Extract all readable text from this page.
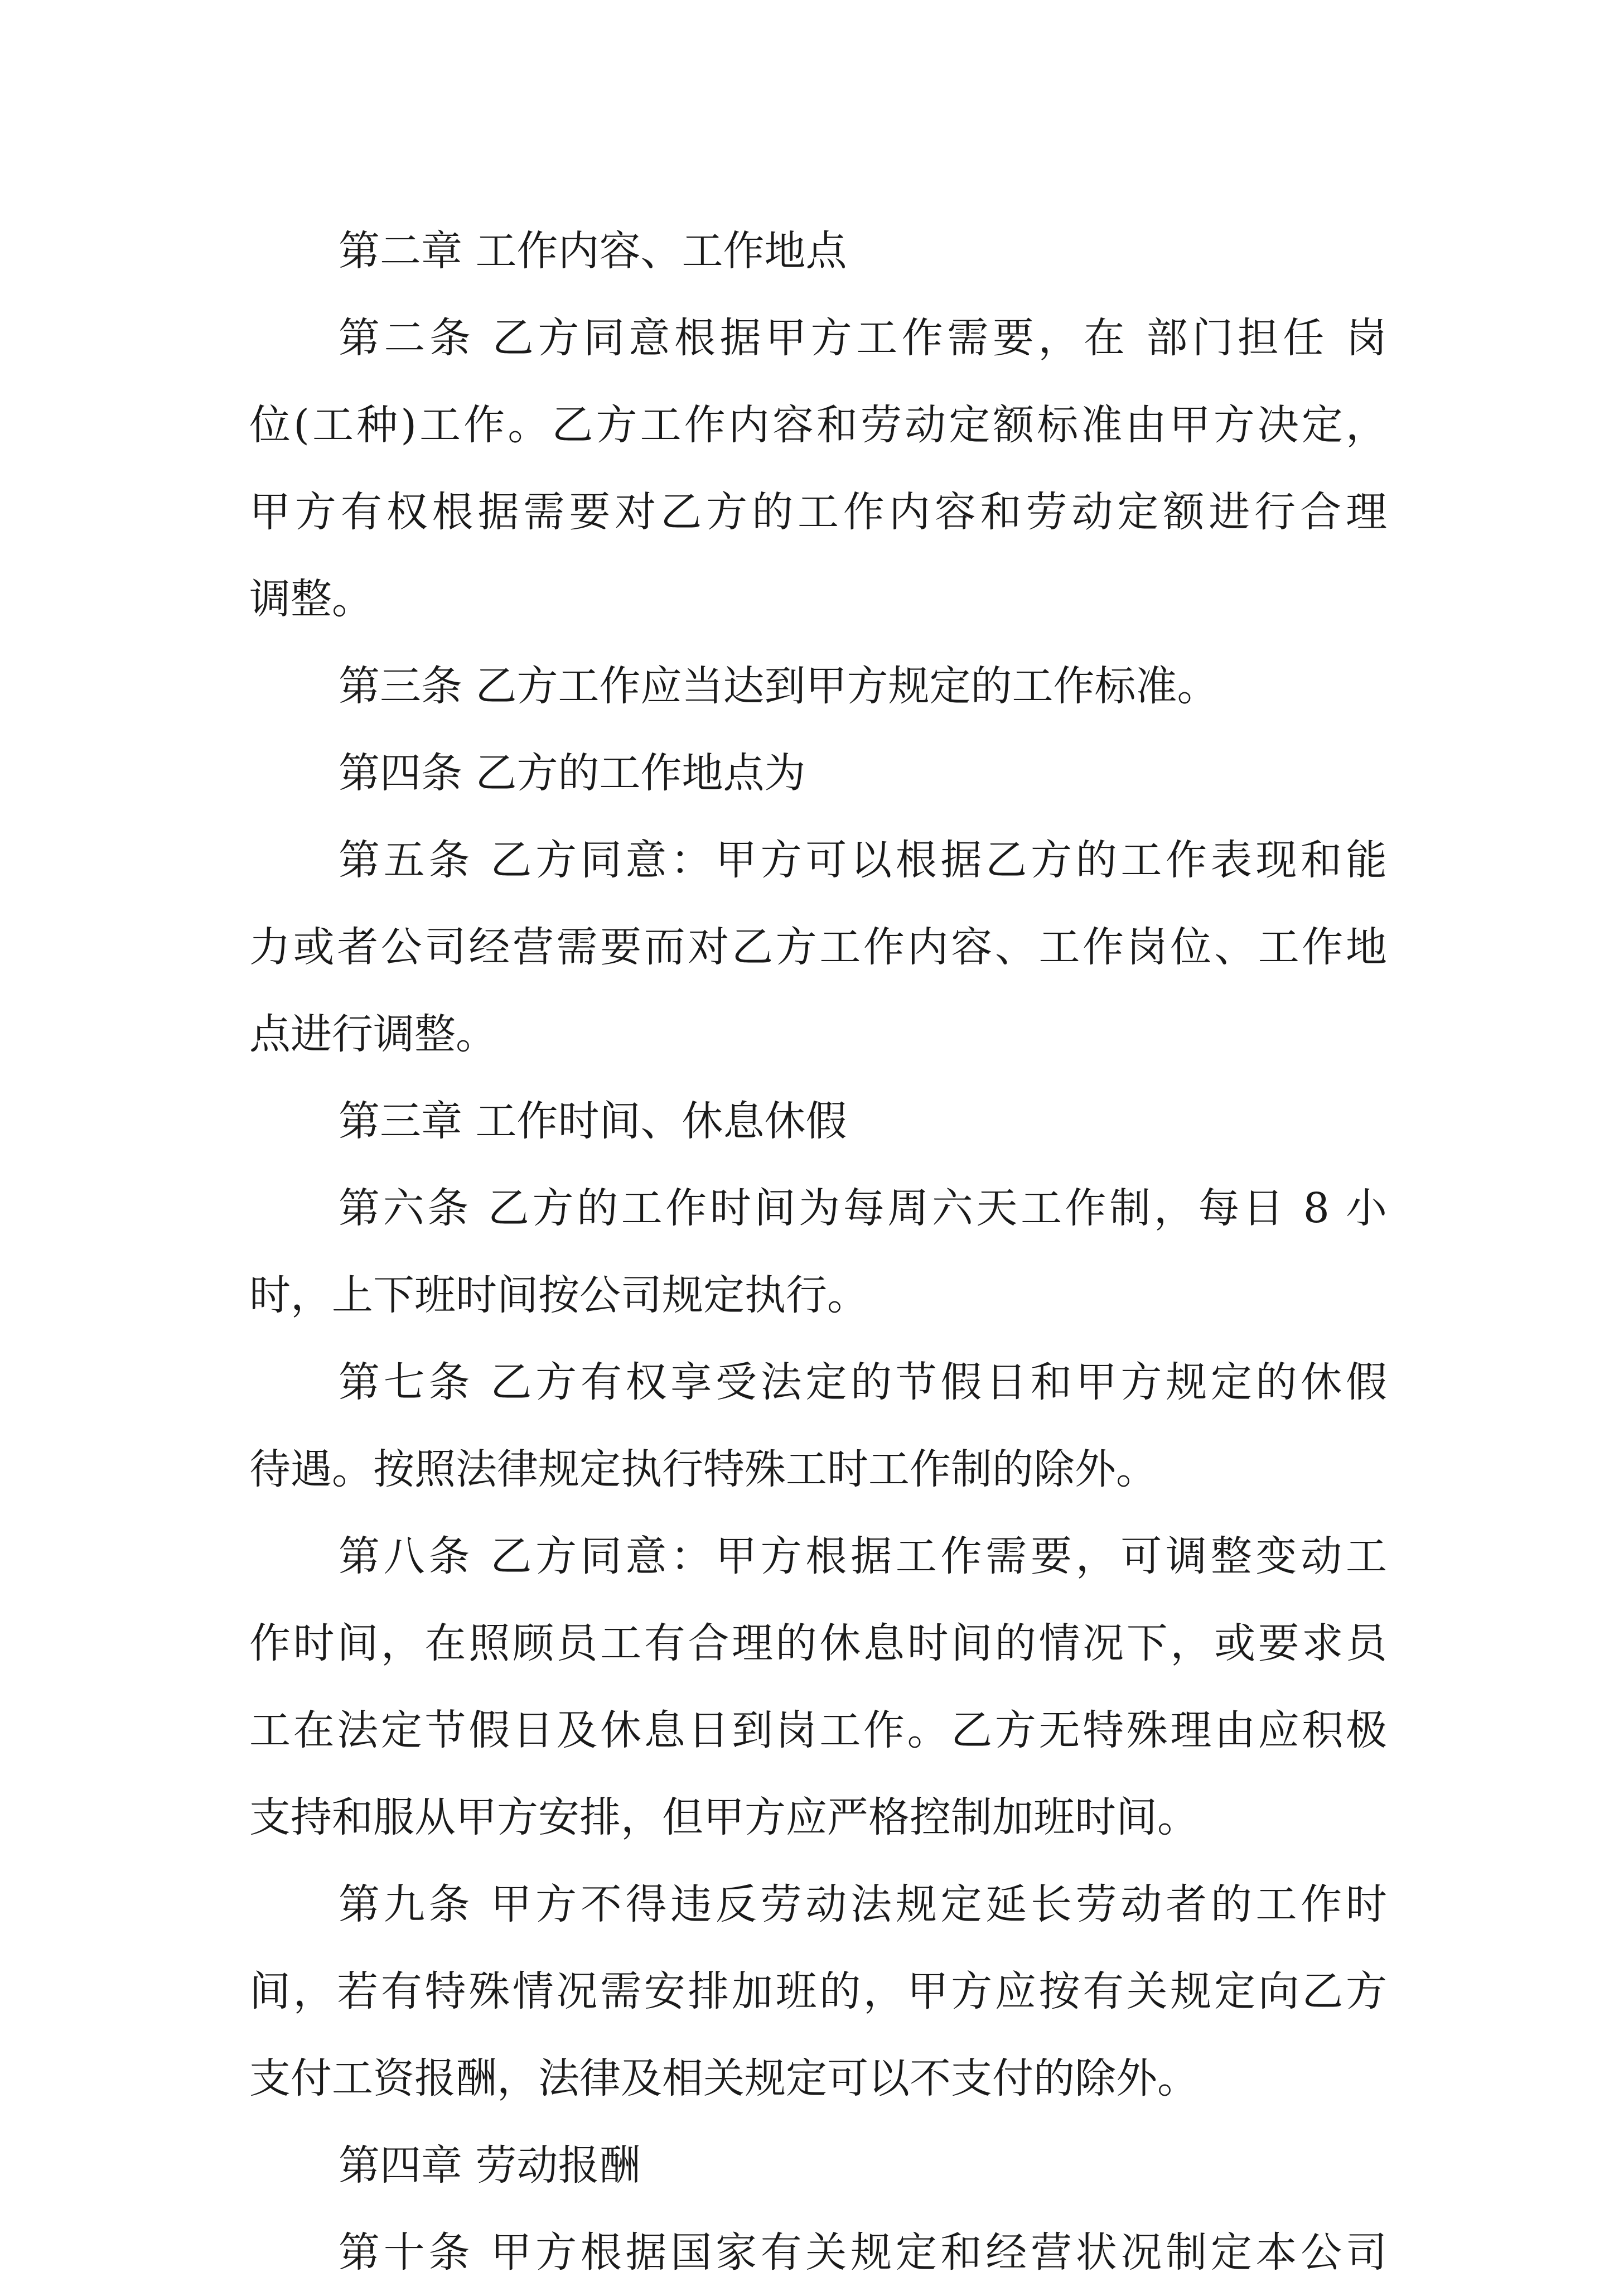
第二章 工作内容、工作地点
第二条 乙方同意根据甲方工作需要，在 部门担任 岗
位(工种)工作。乙方工作内容和劳动定额标准由甲方决定，
甲方有权根据需要对乙方的工作内容和劳动定额进行合理
调整。
第三条 乙方工作应当达到甲方规定的工作标准。
第四条 乙方的工作地点为
第五条 乙方同意：甲方可以根据乙方的工作表现和能
力或者公司经营需要而对乙方工作内容、工作岗位、工作地
点进行调整。
第三章 工作时间、休息休假
第六条 乙方的工作时间为每周六天工作制，每日 8 小
时，上下班时间按公司规定执行。
第七条 乙方有权享受法定的节假日和甲方规定的休假
待遇。按照法律规定执行特殊工时工作制的除外。
第八条 乙方同意：甲方根据工作需要，可调整变动工
作时间，在照顾员工有合理的休息时间的情况下，或要求员
工在法定节假日及休息日到岗工作。乙方无特殊理由应积极
支持和服从甲方安排，但甲方应严格控制加班时间。
第九条 甲方不得违反劳动法规定延长劳动者的工作时
间，若有特殊情况需安排加班的，甲方应按有关规定向乙方
支付工资报酬，法律及相关规定可以不支付的除外。
第四章 劳动报酬
第十条 甲方根据国家有关规定和经营状况制定本公司
